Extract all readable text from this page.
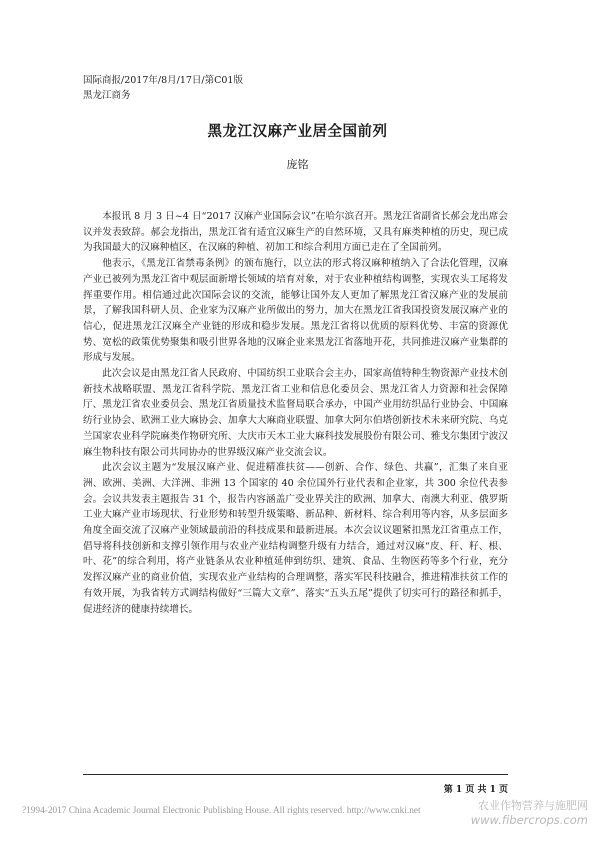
国际商报/2017年/8月/17日/第C01版
黑龙江商务
黑龙江汉麻产业居全国前列
庞铭

本报讯 8 月 3 日~4 日“2017 汉麻产业国际会议”在哈尔滨召开。黑龙江省副省长郝会龙出席会议并发表致辞。郝会龙指出，黑龙江省有适宜汉麻生产的自然环境，又具有麻类种植的历史，现已成为我国最大的汉麻种植区，在汉麻的种植、初加工和综合利用方面已走在了全国前列。

他表示，《黑龙江省禁毒条例》的颁布施行，以立法的形式将汉麻种植纳入了合法化管理，汉麻产业已被列为黑龙江省中观层面新增长领域的培育对象，对于农业种植结构调整，实现农头工尾将发挥重要作用。相信通过此次国际会议的交流，能够让国外友人更加了解黑龙江省汉麻产业的发展前景，了解我国科研人员、企业家为汉麻产业所做出的努力，加大在黑龙江省我国投资发展汉麻产业的信心，促进黑龙江汉麻全产业链的形成和稳步发展。黑龙江省将以优质的原料优势、丰富的资源优势、宽松的政策优势聚集和吸引世界各地的汉麻企业来黑龙江省落地开花，共同推进汉麻产业集群的形成与发展。

此次会议是由黑龙江省人民政府、中国纺织工业联合会主办，国家高值特种生物资源产业技术创新技术战略联盟、黑龙江省科学院、黑龙江省工业和信息化委员会、黑龙江省人力资源和社会保障厅、黑龙江省农业委员会、黑龙江省质量技术监督局联合承办，中国产业用纺织品行业协会、中国麻纺行业协会、欧洲工业大麻协会、加拿大大麻商业联盟、加拿大阿尔伯塔创新技术未来研究院、乌克兰国家农业科学院麻类作物研究所、大庆市天木工业大麻科技发展股份有限公司、雅戈尔集团宁波汉麻生物科技有限公司共同协办的世界级汉麻产业交流会议。

此次会议主题为“发展汉麻产业、促进精准扶贫——创新、合作、绿色、共赢”，汇集了来自亚洲、欧洲、美洲、大洋洲、非洲 13 个国家的 40 余位国外行业代表和企业家，共 300 余位代表参会。会议共发表主题报告 31 个，报告内容涵盖广受业界关注的欧洲、加拿大、南澳大利亚、俄罗斯工业大麻产业市场现状、行业形势和转型升级策略、新品种、新材料、综合利用等内容，从多层面多角度全面交流了汉麻产业领域最前沿的科技成果和最新进展。本次会议议题紧扣黑龙江省重点工作，倡导将科技创新和支撑引领作用与农业产业结构调整升级有力结合，通过对汉麻“皮、秆、籽、根、叶、花”的综合利用，将产业链条从农业种植延伸到纺织、建筑、食品、生物医药等多个行业，充分发挥汉麻产业的商业价值，实现农业产业结构的合理调整，落实军民科技融合，推进精准扶贫工作的有效开展，为我省转方式调结构做好“三篇大文章”、落实“五头五尾”提供了切实可行的路径和抓手，促进经济的健康持续增长。

第 1 页 共 1 页
?1994-2017 China Academic Journal Electronic Publishing House. All rights reserved. http://www.cnki.net	农业作物营养与施肥网
www.fibercrops.com
